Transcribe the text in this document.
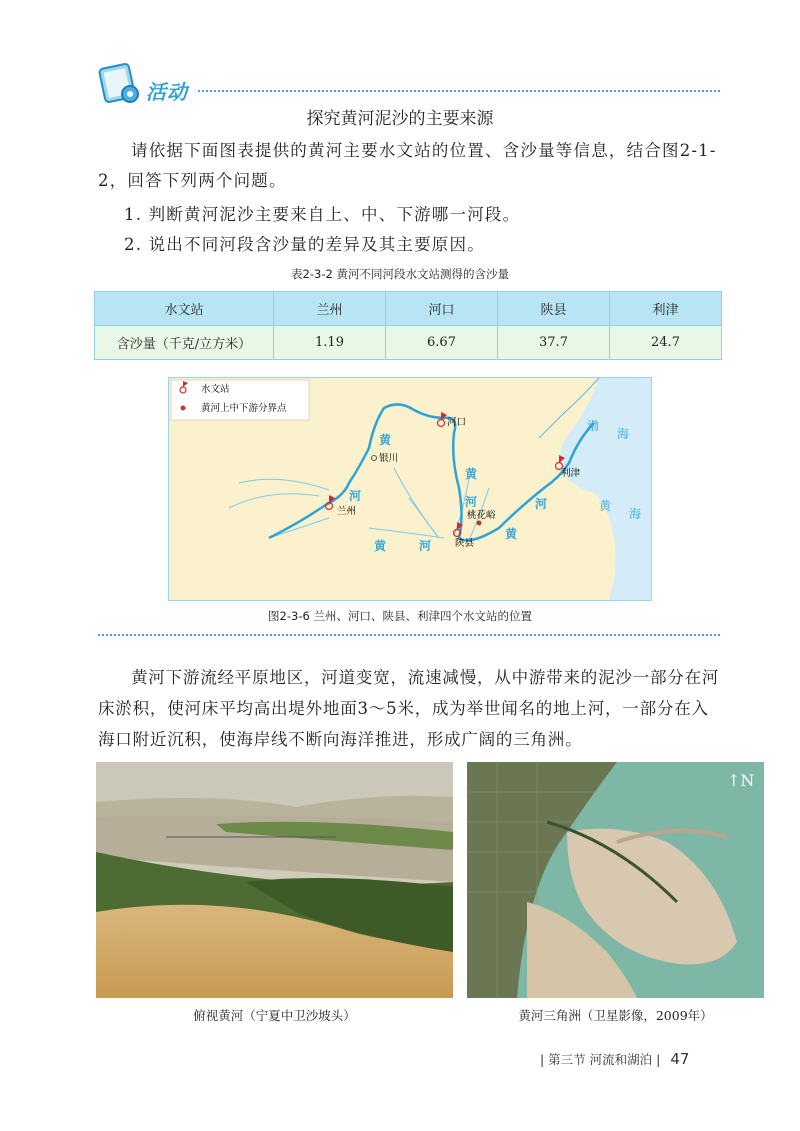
活动
探究黄河泥沙的主要来源
请依据下面图表提供的黄河主要水文站的位置、含沙量等信息，结合图2-1-2，回答下列两个问题。
1. 判断黄河泥沙主要来自上、中、下游哪一河段。
2. 说出不同河段含沙量的差异及其主要原因。
表2-3-2 黄河不同河段水文站测得的含沙量
水文站	兰州	河口	陕县	利津
含沙量（千克/立方米）	1.19	6.67	37.7	24.7
水文站
黄河上中下游分界点
河口
兰州
陕县
利津
银川
桃花峪
黄
河
黄	河
黄
河
黄
河
渤
海
黄
海
图2-3-6 兰州、河口、陕县、利津四个水文站的位置
黄河下游流经平原地区，河道变宽，流速减慢，从中游带来的泥沙一部分在河床淤积，使河床平均高出堤外地面3～5米，成为举世闻名的地上河，一部分在入海口附近沉积，使海岸线不断向海洋推进，形成广阔的三角洲。
↑N
俯视黄河（宁夏中卫沙坡头）	黄河三角洲（卫星影像，2009年）
| 第三节 河流和湖泊 | 47
